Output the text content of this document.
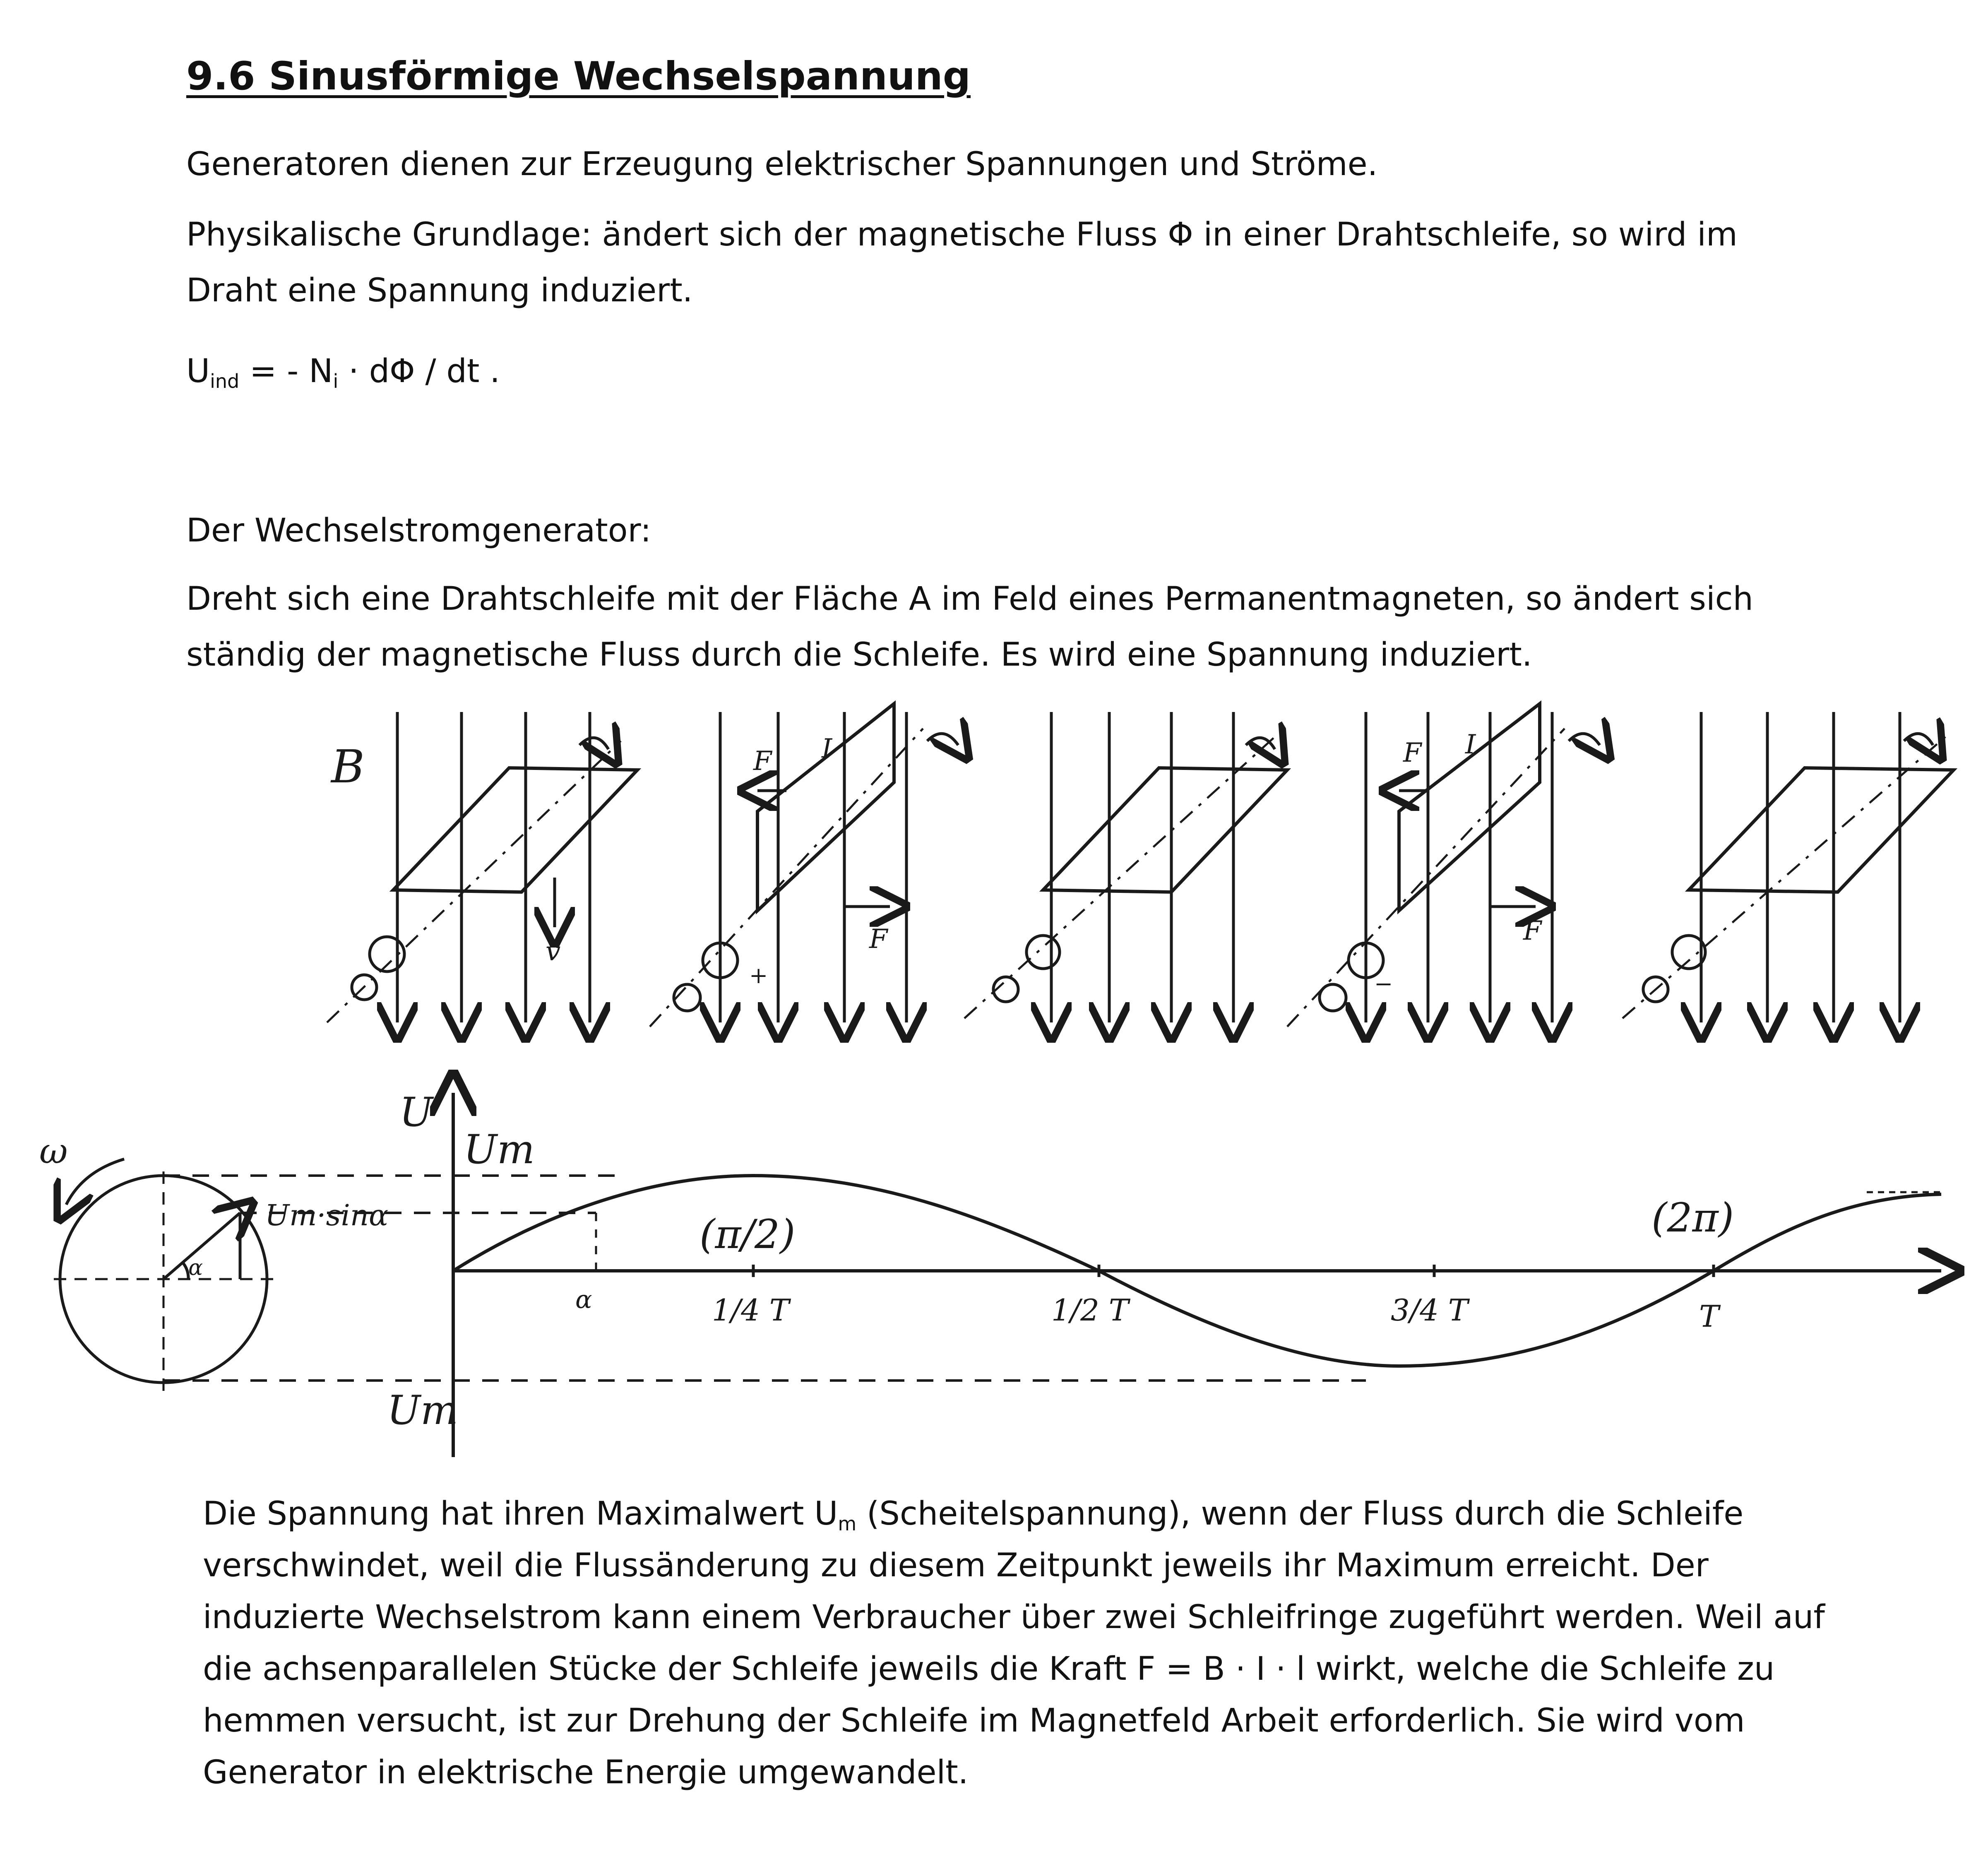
9.6 Sinusförmige Wechselspannung

Generatoren dienen zur Erzeugung elektrischer Spannungen und Ströme.

Physikalische Grundlage: ändert sich der magnetische Fluss Φ in einer Drahtschleife, so wird im

Draht eine Spannung induziert.

Uind = - Ni · dΦ / dt .

Der Wechselstromgenerator:

Dreht sich eine Drahtschleife mit der Fläche A im Feld eines Permanentmagneten, so ändert sich

ständig der magnetische Fluss durch die Schleife. Es wird eine Spannung induziert.

B
v
F
F
I
+
F
F
I
−
ω
α
Um·sinα
U
Um
Um
(π/2)	(2π)
α	1/4 T	1/2 T	3/4 T	T

Die Spannung hat ihren Maximalwert Um (Scheitelspannung), wenn der Fluss durch die Schleife

verschwindet, weil die Flussänderung zu diesem Zeitpunkt jeweils ihr Maximum erreicht. Der

induzierte Wechselstrom kann einem Verbraucher über zwei Schleifringe zugeführt werden. Weil auf

die achsenparallelen Stücke der Schleife jeweils die Kraft F = B · I · l wirkt, welche die Schleife zu

hemmen versucht, ist zur Drehung der Schleife im Magnetfeld Arbeit erforderlich. Sie wird vom

Generator in elektrische Energie umgewandelt.
